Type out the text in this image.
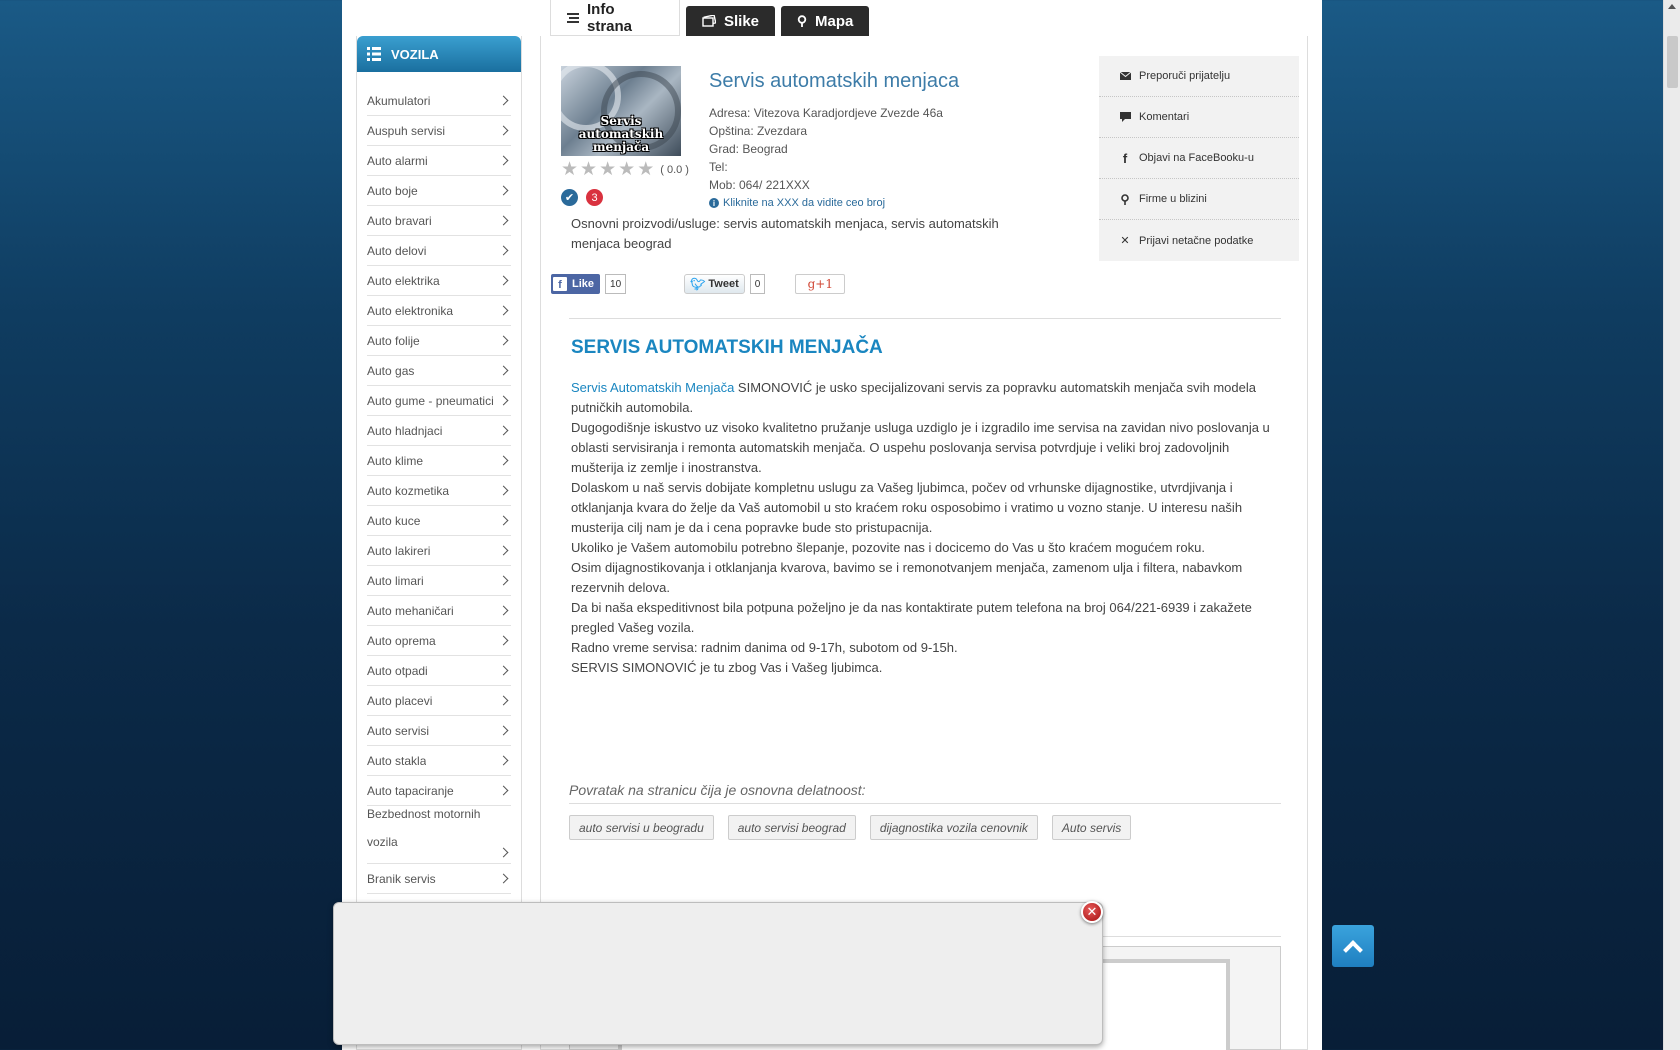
Info strana	Slike	Mapa
VOZILA
Akumulatori
Auspuh servisi
Auto alarmi
Auto boje
Auto bravari
Auto delovi
Auto elektrika
Auto elektronika
Auto folije
Auto gas
Auto gume - pneumatici
Auto hladnjaci
Auto klime
Auto kozmetika
Auto kuce
Auto lakireri
Auto limari
Auto mehaničari
Auto oprema
Auto otpadi
Auto placevi
Auto servisi
Auto stakla
Auto tapaciranje
Bezbednost motornih vozila
Branik servis
Servis automatskih menjača
★ ★ ★ ★ ★ ( 0.0 )
✔	3
Servis automatskih menjaca
Adresa: Vitezova Karadjordjeve Zvezde 46a
Opština: Zvezdara
Grad: Beograd
Tel:
Mob: 064/ 221XXX
i Kliknite na XXX da vidite ceo broj
Osnovni proizvodi/usluge: servis automatskih menjaca, servis automatskih menjaca beograd
Preporuči prijatelju
Komentari
f	Objavi na FaceBooku-u
Firme u blizini
✕ Prijavi netačne podatke
f Like	10	🐦︎ Tweet	0	g+1
SERVIS AUTOMATSKIH MENJAČA

Servis Automatskih Menjača SIMONOVIĆ je usko specijalizovani servis za popravku automatskih menjača svih modela putničkih automobila.

Dugogodišnje iskustvo uz visoko kvalitetno pružanje usluga uzdiglo je i izgradilo ime servisa na zavidan nivo poslovanja u oblasti servisiranja i remonta automatskih menjača. O uspehu poslovanja servisa potvrdjuje i veliki broj zadovoljnih mušterija iz zemlje i inostranstva.

Dolaskom u naš servis dobijate kompletnu uslugu za Vašeg ljubimca, počev od vrhunske dijagnostike, utvrdjivanja i otklanjanja kvara do želje da Vaš automobil u sto kraćem roku osposobimo i vratimo u vozno stanje. U interesu naših musterija cilj nam je da i cena popravke bude sto pristupacnija.

Ukoliko je Vašem automobilu potrebno šlepanje, pozovite nas i docicemo do Vas u što kraćem mogućem roku.

Osim dijagnostikovanja i otklanjanja kvarova, bavimo se i remonotvanjem menjača, zamenom ulja i filtera, nabavkom rezervnih delova.

Da bi naša ekspeditivnost bila potpuna poželjno je da nas kontaktirate putem telefona na broj 064/221-6939 i zakažete pregled Vašeg vozila.

Radno vreme servisa: radnim danima od 9-17h, subotom od 9-15h.

SERVIS SIMONOVIĆ je tu zbog Vas i Vašeg ljubimca.

Povratak na stranicu čija je osnovna delatnoost:
auto servisi u beogradu	auto servisi beograd	dijagnostika vozila cenovnik	Auto servis
✕
